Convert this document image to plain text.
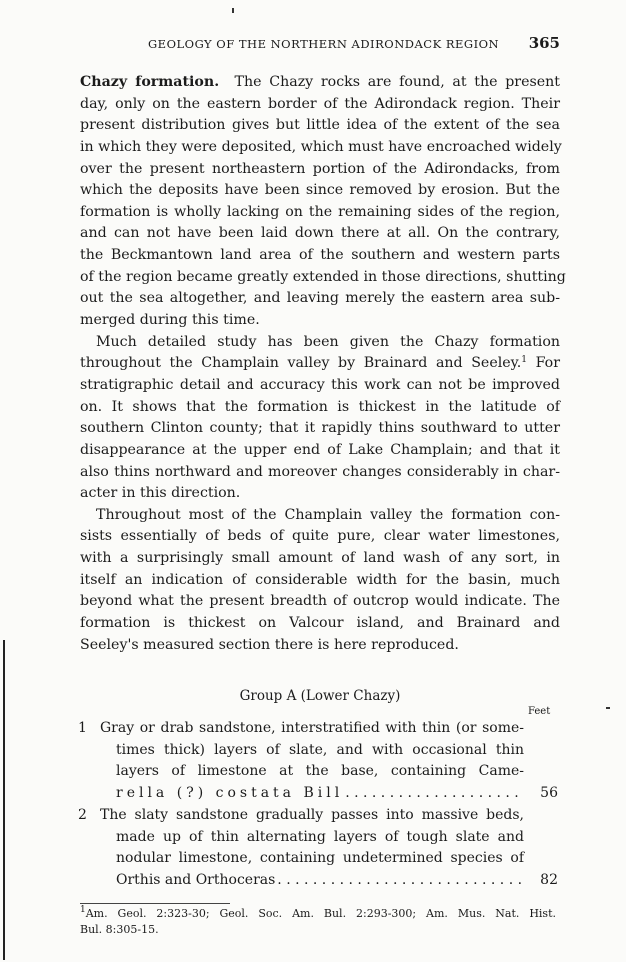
GEOLOGY OF THE NORTHERN ADIRONDACK REGION 365
Chazy formation. The Chazy rocks are found, at the present
day, only on the eastern border of the Adirondack region. Their
present distribution gives but little idea of the extent of the sea
in which they were deposited, which must have encroached widely
over the present northeastern portion of the Adirondacks, from
which the deposits have been since removed by erosion. But the
formation is wholly lacking on the remaining sides of the region,
and can not have been laid down there at all. On the contrary,
the Beckmantown land area of the southern and western parts
of the region became greatly extended in those directions, shutting
out the sea altogether, and leaving merely the eastern area sub-
merged during this time.
Much detailed study has been given the Chazy formation
throughout the Champlain valley by Brainard and Seeley.$^1$ For
stratigraphic detail and accuracy this work can not be improved
on. It shows that the formation is thickest in the latitude of
southern Clinton county; that it rapidly thins southward to utter
disappearance at the upper end of Lake Champlain; and that it
also thins northward and moreover changes considerably in char-
acter in this direction.
Throughout most of the Champlain valley the formation con-
sists essentially of beds of quite pure, clear water limestones,
with a surprisingly small amount of land wash of any sort, in
itself an indication of considerable width for the basin, much
beyond what the present breadth of outcrop would indicate. The
formation is thickest on Valcour island, and Brainard and
Seeley's measured section there is here reproduced.
Group A (Lower Chazy)
Feet
1 Gray or drab sandstone, interstratified with thin (or some-
times thick) layers of slate, and with occasional thin
layers of limestone at the base, containing Came-
rella (?) costata Bill . . .	56
2 The slaty sandstone gradually passes into massive beds,
made up of thin alternating layers of tough slate and
nodular limestone, containing undetermined species of
Orthis and Orthoceras . . .	82
$^1$Am. Geol. 2:323-30; Geol. Soc. Am. Bul. 2:293-300; Am. Mus. Nat. Hist.
Bul. 8:305-15.
